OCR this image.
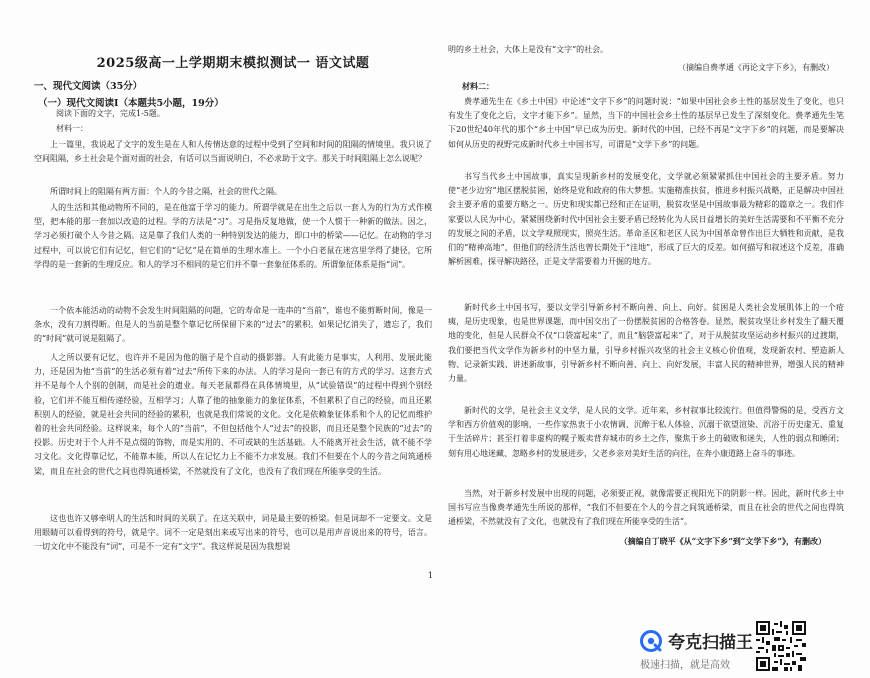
2025级高一上学期期末模拟测试一 语文试题
一、现代文阅读（35分）
（一）现代文阅读Ⅰ（本题共5小题，19分）
阅读下面的文字，完成1-5题。
材料一：
上一篇里，我说起了文字的发生是在人和人传情达意的过程中受到了空间和时间的阻隔的情境里。我只说了空间阻隔，乡土社会是个面对面的社会，有话可以当面说明白，不必求助于文字。那关于时间阻隔上怎么说呢？
所谓时间上的阻隔有两方面：个人的今昔之隔，社会的世代之隔。
人的生活和其他动物所不同的，是在他富于学习的能力。所谓学就是在出生之后以一套人为的行为方式作模型，把本能的那一套加以改造的过程。学的方法是“习”。习是指反复地做，使一个人惯于一种新的做法。因之，学习必须打破个人今昔之隔。这是靠了我们人类的一种特别发达的能力，即口中的桥梁——记忆。在动物的学习过程中，可以说它们有记忆，但它们的“记忆”是在简单的生理水准上。一个小白老鼠在迷宫里学得了捷径，它所学得的是一套新的生理反应。和人的学习不相同的是它们并不靠一套象征体系的。所谓象征体系是指“词”。
一个依本能活动的动物不会发生时间阻隔的问题，它的寿命是一连串的“当前”，谁也不能剪断时间，像是一条水，没有刀割得断。但是人的当前是整个靠记忆所保留下来的“过去”的累积。如果记忆消失了，遗忘了，我们的“时间”就可说是阻隔了。
人之所以要有记忆，也许并不是因为他的脑子是个自动的摄影器。人有此能力是事实，人利用、发展此能力，还是因为他“当前”的生活必须有着“过去”所传下来的办法。人的学习是向一套已有的方式的学习。这套方式并不是每个人个别的创制，而是社会的遗业。每天老鼠都得在具体情境里，从“试验错误”的过程中得到个别经验，它们并不能互相传递经验，互相学习；人靠了他的抽象能力的象征体系，不但累积了自己的经验，而且还累积别人的经验，就是社会共同的经验的累积，也就是我们常说的文化。文化是依赖象征体系和个人的记忆而维护着的社会共同经验。这样说来，每个人的“当前”，不但包括他个人“过去”的投影，而且还是整个民族的“过去”的投影。历史对于个人并不是点缀的饰物，而是实用的、不可或缺的生活基础。人不能离开社会生活，就不能不学习文化。文化得靠记忆，不能靠本能，所以人在记忆力上不能不力求发展。我们不但要在个人的今昔之间筑通桥梁，而且在社会的世代之间也得筑通桥梁，不然就没有了文化，也没有了我们现在所能享受的生活。
这也也许又够牵明人的生活和时间的关联了。在这关联中，词是最主要的桥梁。但是词却不一定要文。文是用眼睛可以看得到的符号，就是字。词不一定是刻出来或写出来的符号，也可以是用声音说出来的符号，语言。一切文化中不能没有“词”，可是不一定有“文字”。我这样说是因为我想说
明的乡土社会，大体上是没有“文字”的社会。
（摘编自费孝通《再论文字下乡》，有删改）
材料二：
费孝通先生在《乡土中国》中论述“文字下乡”的问题时说：“如果中国社会乡土性的基层发生了变化，也只有发生了变化之后，文字才能下乡”。显然，当下的中国社会乡土性的基层早已发生了深刻变化。费孝通先生笔下20世纪40年代的那个“乡土中国”早已成为历史。新时代的中国，已经不再是“文字下乡”的问题，而是要解决如何从历史的视野完成新时代乡土中国书写，可谓是“文学下乡”的问题。
书写当代乡土中国故事，真实呈现新乡村的发展变化，文学就必须紧紧抓住中国社会的主要矛盾。努力使“老少边穷”地区摆脱贫困，始终是党和政府的伟大梦想。实施精准扶贫，推进乡村振兴战略，正是解决中国社会主要矛盾的重要方略之一。历史和现实都已经和正在证明，脱贫攻坚是中国故事最为精彩的篇章之一。我们作家要以人民为中心，紧紧围绕新时代中国社会主要矛盾已经转化为人民日益增长的美好生活需要和不平衡不充分的发展之间的矛盾，以文学观照现实，照亮生活。革命圣区和老区人民为中国革命曾作出巨大牺牲和贡献，是我们的“精神高地”，但他们的经济生活也曾长期处于“洼地”，形成了巨大的反差。如何描写和叙述这个反差，准确解析困难，探寻解决路径，正是文学需要着力开掘的地方。
新时代乡土中国书写，要以文学引导新乡村不断向善、向上、向好。贫困是人类社会发展肌体上的一个疮痍，是历史现象，也是世界课题，而中国交出了一份摆脱贫困的合格答卷。显然，脱贫攻坚让乡村发生了翻天覆地的变化，但是人民群众不仅“口袋富起来”了，而且“脑袋富起来”了，对于从脱贫攻坚运动乡村振兴的过渡期，我们要把当代文学作为新乡村的中坚力量，引导乡村振兴攻坚的社会主义核心价值观，发现新农村、塑造新人物、记录新实践、讲述新故事，引导新乡村不断向善、向上、向好发展，丰富人民的精神世界，增强人民的精神力量。
新时代的文学，是社会主义文学，是人民的文学。近年来，乡村叙事比较流行。但值得警惕的是，受西方文学和西方价值观的影响，一些作家热衷于小农情调、沉醉于私人体验、沉溺于欲望渲染、沉浴于历史虚无、重复于生活碎片；甚至打着非虚构的幌子贩卖背弃城市的乡土之作，聚焦于乡土的破败和迷失，人性的弱点和睡闭；刻有用心地迷藏、忽略乡村的发展进步，父老乡亲对美好生活的向往，在奔小康道路上奋斗的事迹。
当然，对于新乡村发展中出现的问题，必须要正视，就像需要正视阳光下的阴影一样。因此，新时代乡土中国书写应当像费孝通先生所说的那样，“我们不但要在个人的今昔之间筑通桥梁，而且在社会的世代之间也得筑通桥梁，不然就没有了文化，也就没有了我们现在所能享受的生活”。
（摘编自丁晓平《从“文字下乡”到“文学下乡”》，有删改）
1
夸克扫描王
极速扫描，就是高效
